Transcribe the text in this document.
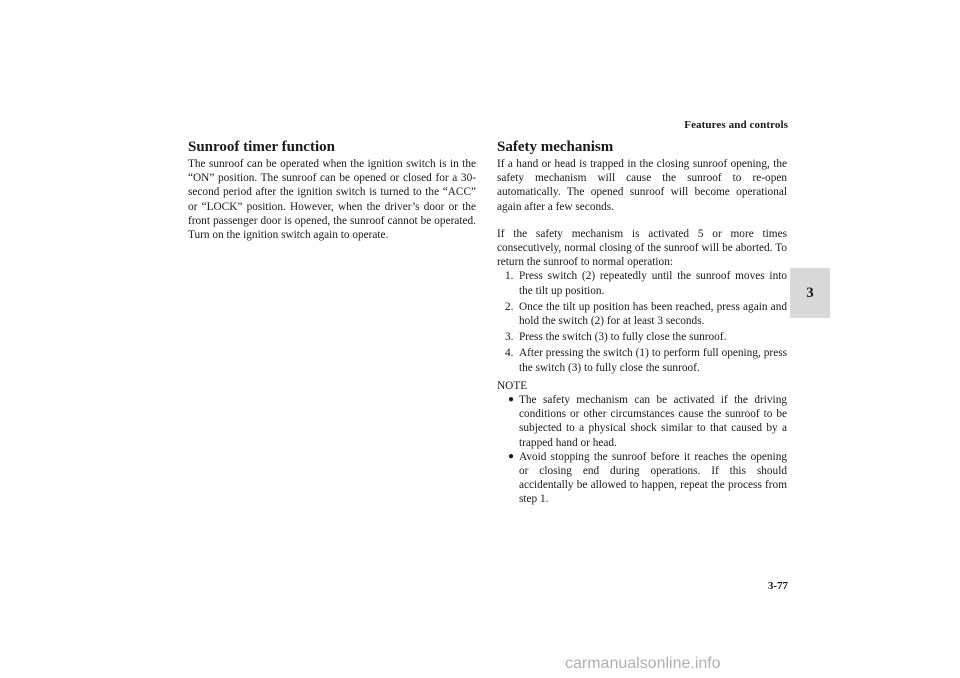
Features and controls
3
Sunroof timer function

The sunroof can be operated when the ignition switch is in the “ON” position. The sunroof can be opened or closed for a 30-second period after the ignition switch is turned to the “ACC” or “LOCK” position. However, when the driver’s door or the front passenger door is opened, the sunroof cannot be operated. Turn on the ignition switch again to operate.

Safety mechanism

If a hand or head is trapped in the closing sunroof opening, the safety mechanism will cause the sunroof to re-open automatically. The opened sunroof will become operational again after a few seconds.

If the safety mechanism is activated 5 or more times consecutively, normal closing of the sunroof will be aborted. To return the sunroof to normal operation:

1. Press switch (2) repeatedly until the sunroof moves into the tilt up position.
2. Once the tilt up position has been reached, press again and hold the switch (2) for at least 3 seconds.
3. Press the switch (3) to fully close the sunroof.
4. After pressing the switch (1) to perform full opening, press the switch (3) to fully close the sunroof.

NOTE

● The safety mechanism can be activated if the driving conditions or other circumstances cause the sunroof to be subjected to a physical shock similar to that caused by a trapped hand or head.
● Avoid stopping the sunroof before it reaches the opening or closing end during operations. If this should accidentally be allowed to happen, repeat the process from step 1.
3-77
carmanualsonline.info
